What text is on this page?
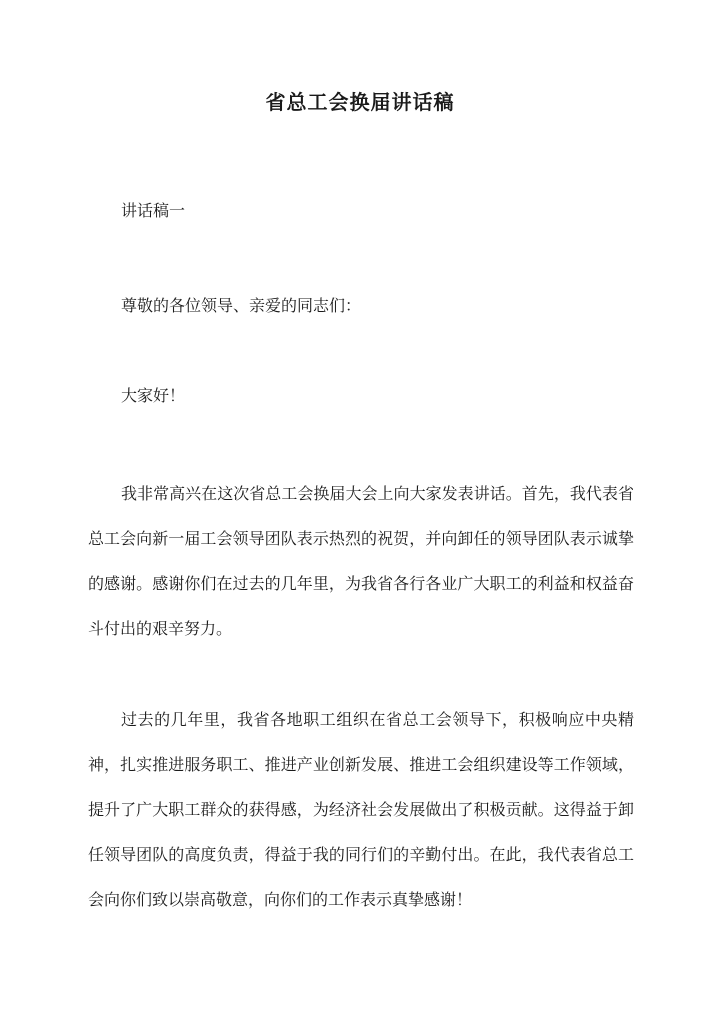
省总工会换届讲话稿
讲话稿一
尊敬的各位领导、亲爱的同志们：
大家好！
我非常高兴在这次省总工会换届大会上向大家发表讲话。首先，我代表省总工会向新一届工会领导团队表示热烈的祝贺，并向卸任的领导团队表示诚挚的感谢。感谢你们在过去的几年里，为我省各行各业广大职工的利益和权益奋斗付出的艰辛努力。
过去的几年里，我省各地职工组织在省总工会领导下，积极响应中央精神，扎实推进服务职工、推进产业创新发展、推进工会组织建设等工作领域，提升了广大职工群众的获得感，为经济社会发展做出了积极贡献。这得益于卸任领导团队的高度负责，得益于我的同行们的辛勤付出。在此，我代表省总工会向你们致以崇高敬意，向你们的工作表示真挚感谢！
